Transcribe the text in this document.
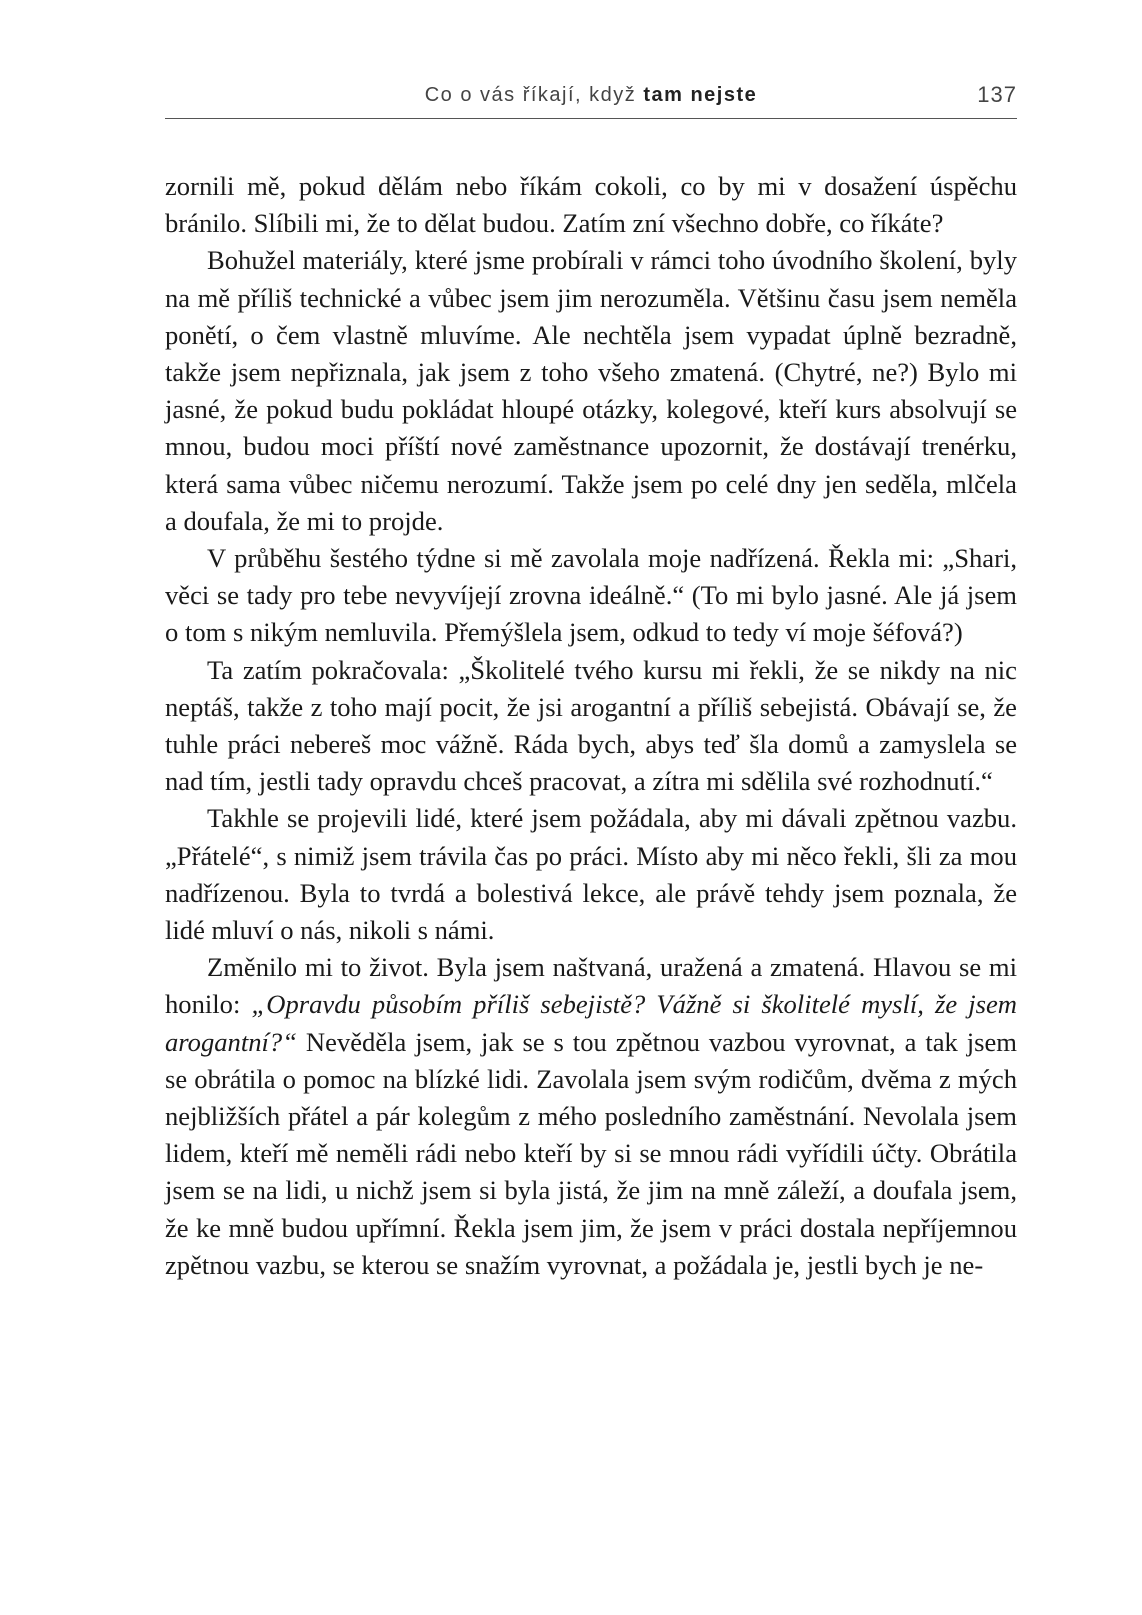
Co o vás říkají, když tam nejste	137

zornili mě, pokud dělám nebo říkám cokoli, co by mi v dosažení úspěchu bránilo. Slíbili mi, že to dělat budou. Zatím zní všechno dobře, co říkáte?

Bohužel materiály, které jsme probírali v rámci toho úvodního školení, byly na mě příliš technické a vůbec jsem jim nerozuměla. Většinu času jsem neměla ponětí, o čem vlastně mluvíme. Ale nechtěla jsem vypadat úplně bezradně, takže jsem nepřiznala, jak jsem z toho všeho zmatená. (Chytré, ne?) Bylo mi jasné, že pokud budu pokládat hloupé otázky, kolegové, kteří kurs absolvují se mnou, budou moci příští nové zaměstnance upozornit, že dostávají trenérku, která sama vůbec ničemu nerozumí. Takže jsem po celé dny jen seděla, mlčela a doufala, že mi to projde.

V průběhu šestého týdne si mě zavolala moje nadřízená. Řekla mi: „Shari, věci se tady pro tebe nevyvíjejí zrovna ideálně.“ (To mi bylo jasné. Ale já jsem o tom s nikým nemluvila. Přemýšlela jsem, odkud to tedy ví moje šéfová?)

Ta zatím pokračovala: „Školitelé tvého kursu mi řekli, že se nikdy na nic neptáš, takže z toho mají pocit, že jsi arogantní a příliš sebejistá. Obávají se, že tuhle práci nebereš moc vážně. Ráda bych, abys teď šla domů a zamyslela se nad tím, jestli tady opravdu chceš pracovat, a zítra mi sdělila své rozhodnutí.“

Takhle se projevili lidé, které jsem požádala, aby mi dávali zpětnou vazbu. „Přátelé“, s nimiž jsem trávila čas po práci. Místo aby mi něco řekli, šli za mou nadřízenou. Byla to tvrdá a bolestivá lekce, ale právě tehdy jsem poznala, že lidé mluví o nás, nikoli s námi.

Změnilo mi to život. Byla jsem naštvaná, uražená a zmatená. Hlavou se mi honilo: „Opravdu působím příliš sebejistě? Vážně si školitelé myslí, že jsem arogantní?“ Nevěděla jsem, jak se s tou zpětnou vazbou vyrovnat, a tak jsem se obrátila o pomoc na blízké lidi. Zavolala jsem svým rodičům, dvěma z mých nejbližších přátel a pár kolegům z mého posledního zaměstnání. Nevolala jsem lidem, kteří mě neměli rádi nebo kteří by si se mnou rádi vyřídili účty. Obrátila jsem se na lidi, u nichž jsem si byla jistá, že jim na mně záleží, a doufala jsem, že ke mně budou upřímní. Řekla jsem jim, že jsem v práci dostala nepříjemnou zpětnou vazbu, se kterou se snažím vyrovnat, a požádala je, jestli bych je ne-
